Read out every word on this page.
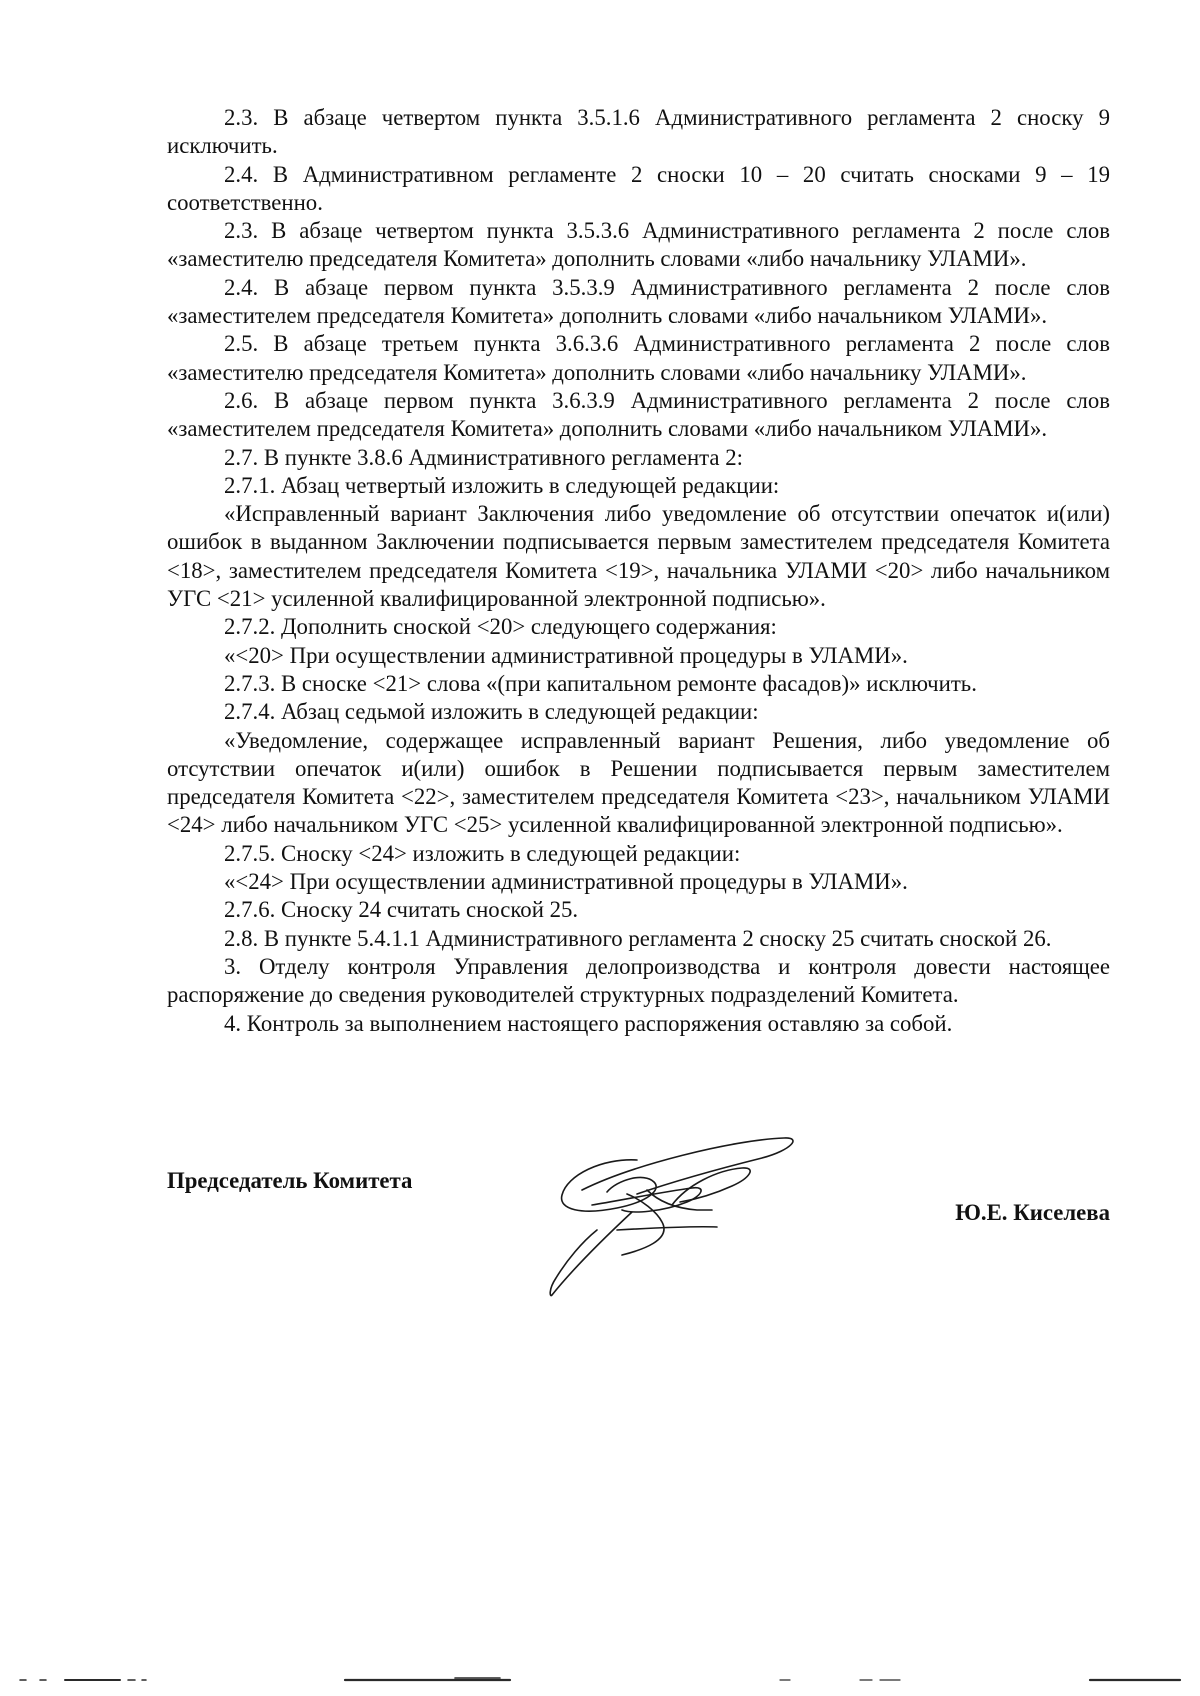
2.3. В абзаце четвертом пункта 3.5.1.6 Административного регламента 2 сноску 9 исключить.

2.4. В Административном регламенте 2 сноски 10 – 20 считать сносками 9 – 19 соответственно.

2.3. В абзаце четвертом пункта 3.5.3.6 Административного регламента 2 после слов «заместителю председателя Комитета» дополнить словами «либо начальнику УЛАМИ».

2.4. В абзаце первом пункта 3.5.3.9 Административного регламента 2 после слов «заместителем председателя Комитета» дополнить словами «либо начальником УЛАМИ».

2.5. В абзаце третьем пункта 3.6.3.6 Административного регламента 2 после слов «заместителю председателя Комитета» дополнить словами «либо начальнику УЛАМИ».

2.6. В абзаце первом пункта 3.6.3.9 Административного регламента 2 после слов «заместителем председателя Комитета» дополнить словами «либо начальником УЛАМИ».

2.7. В пункте 3.8.6 Административного регламента 2:

2.7.1. Абзац четвертый изложить в следующей редакции:

«Исправленный вариант Заключения либо уведомление об отсутствии опечаток и(или) ошибок в выданном Заключении подписывается первым заместителем председателя Комитета <18>, заместителем председателя Комитета <19>, начальника УЛАМИ <20> либо начальником УГС <21> усиленной квалифицированной электронной подписью».

2.7.2. Дополнить сноской <20> следующего содержания:

«<20> При осуществлении административной процедуры в УЛАМИ».

2.7.3. В сноске <21> слова «(при капитальном ремонте фасадов)» исключить.

2.7.4. Абзац седьмой изложить в следующей редакции:

«Уведомление, содержащее исправленный вариант Решения, либо уведомление об отсутствии опечаток и(или) ошибок в Решении подписывается первым заместителем председателя Комитета <22>, заместителем председателя Комитета <23>, начальником УЛАМИ <24> либо начальником УГС <25> усиленной квалифицированной электронной подписью».

2.7.5. Сноску <24> изложить в следующей редакции:

«<24> При осуществлении административной процедуры в УЛАМИ».

2.7.6. Сноску 24 считать сноской 25.

2.8. В пункте 5.4.1.1 Административного регламента 2 сноску 25 считать сноской 26.

3. Отделу контроля Управления делопроизводства и контроля довести настоящее распоряжение до сведения руководителей структурных подразделений Комитета.

4. Контроль за выполнением настоящего распоряжения оставляю за собой.

Председатель Комитета
Ю.Е. Киселева
